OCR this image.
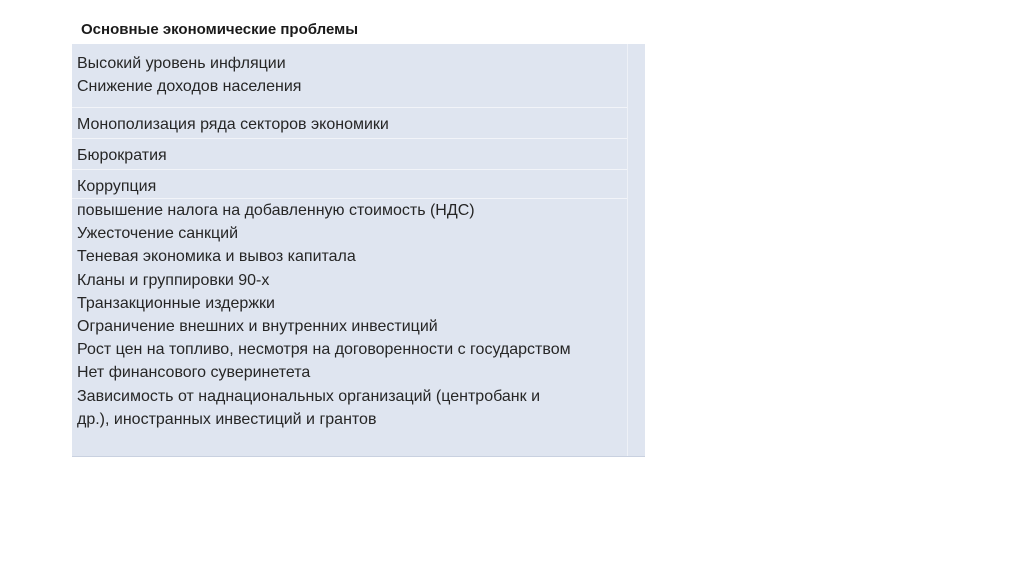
Основные экономические проблемы
Высокий уровень инфляции
Снижение доходов населения
Монополизация ряда секторов экономики
Бюрократия
Коррупция
повышение налога на добавленную стоимость (НДС)
Ужесточение санкций
Теневая экономика и вывоз капитала
Кланы и группировки 90-х
Транзакционные издержки
Ограничение внешних и внутренних инвестиций
Рост цен на топливо, несмотря на договоренности с государством
Нет финансового суверинетета
Зависимость от наднациональных организаций (центробанк и
др.), иностранных инвестиций и грантов
